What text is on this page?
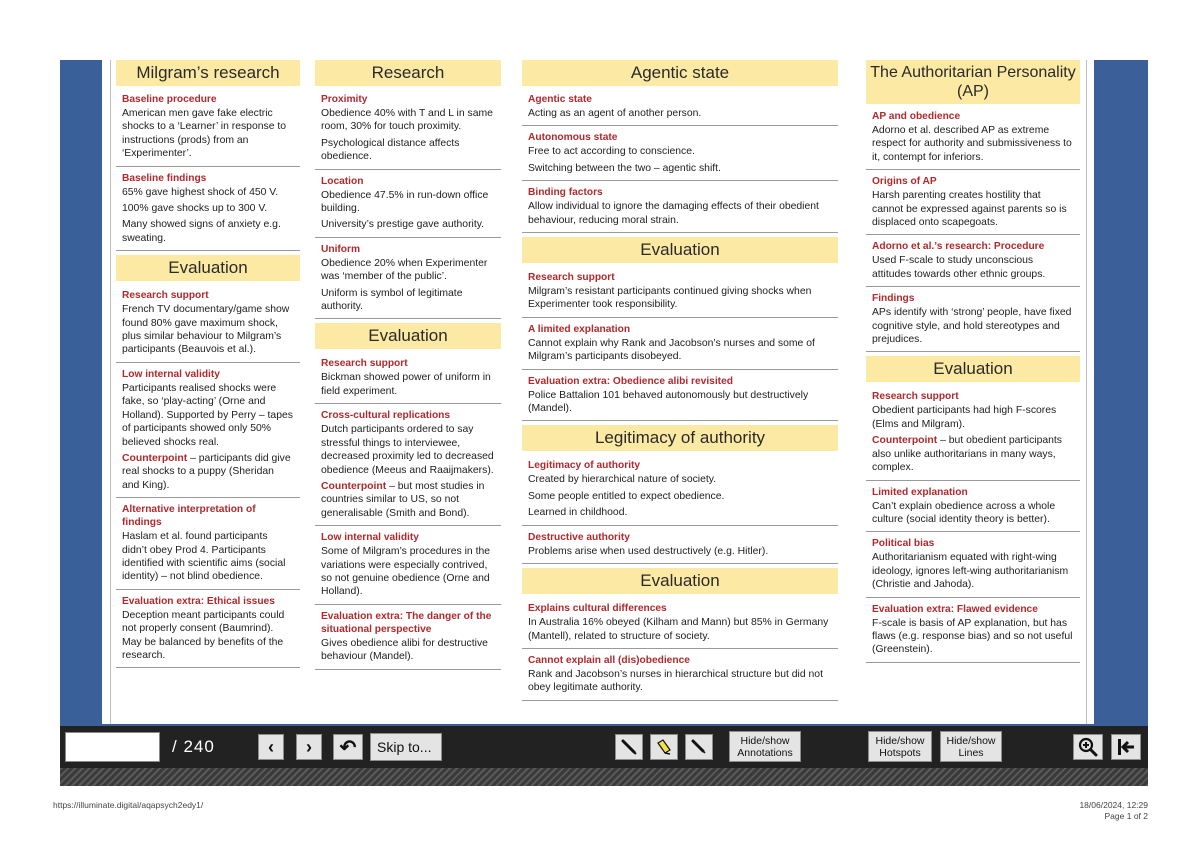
Milgram’s research
Baseline procedure
American men gave fake electric shocks to a ‘Learner’ in response to instructions (prods) from an ‘Experimenter’.
Baseline findings
65% gave highest shock of 450 V.
100% gave shocks up to 300 V.
Many showed signs of anxiety e.g. sweating.
Evaluation
Research support
French TV documentary/game show found 80% gave maximum shock, plus similar behaviour to Milgram’s participants (Beauvois et al.).
Low internal validity
Participants realised shocks were fake, so ‘play-acting’ (Orne and Holland). Supported by Perry – tapes of participants showed only 50% believed shocks real.
Counterpoint – participants did give real shocks to a puppy (Sheridan and King).
Alternative interpretation of findings
Haslam et al. found participants didn’t obey Prod 4. Participants identified with scientific aims (social identity) – not blind obedience.
Evaluation extra: Ethical issues
Deception meant participants could not properly consent (Baumrind). May be balanced by benefits of the research.
Research
Proximity
Obedience 40% with T and L in same room, 30% for touch proximity.
Psychological distance affects obedience.
Location
Obedience 47.5% in run-down office building.
University’s prestige gave authority.
Uniform
Obedience 20% when Experimenter was ‘member of the public’.
Uniform is symbol of legitimate authority.
Evaluation
Research support
Bickman showed power of uniform in field experiment.
Cross-cultural replications
Dutch participants ordered to say stressful things to interviewee, decreased proximity led to decreased obedience (Meeus and Raaijmakers).
Counterpoint – but most studies in countries similar to US, so not generalisable (Smith and Bond).
Low internal validity
Some of Milgram’s procedures in the variations were especially contrived, so not genuine obedience (Orne and Holland).
Evaluation extra: The danger of the situational perspective
Gives obedience alibi for destructive behaviour (Mandel).
Agentic state
Agentic state
Acting as an agent of another person.
Autonomous state
Free to act according to conscience.
Switching between the two – agentic shift.
Binding factors
Allow individual to ignore the damaging effects of their obedient behaviour, reducing moral strain.
Evaluation
Research support
Milgram’s resistant participants continued giving shocks when Experimenter took responsibility.
A limited explanation
Cannot explain why Rank and Jacobson’s nurses and some of Milgram’s participants disobeyed.
Evaluation extra: Obedience alibi revisited
Police Battalion 101 behaved autonomously but destructively (Mandel).
Legitimacy of authority
Legitimacy of authority
Created by hierarchical nature of society.
Some people entitled to expect obedience.
Learned in childhood.
Destructive authority
Problems arise when used destructively (e.g. Hitler).
Evaluation
Explains cultural differences
In Australia 16% obeyed (Kilham and Mann) but 85% in Germany (Mantell), related to structure of society.
Cannot explain all (dis)obedience
Rank and Jacobson’s nurses in hierarchical structure but did not obey legitimate authority.
The Authoritarian Personality (AP)
AP and obedience
Adorno et al. described AP as extreme respect for authority and submissiveness to it, contempt for inferiors.
Origins of AP
Harsh parenting creates hostility that cannot be expressed against parents so is displaced onto scapegoats.
Adorno et al.’s research: Procedure
Used F-scale to study unconscious attitudes towards other ethnic groups.
Findings
APs identify with ‘strong’ people, have fixed cognitive style, and hold stereotypes and prejudices.
Evaluation
Research support
Obedient participants had high F-scores (Elms and Milgram).
Counterpoint – but obedient participants also unlike authoritarians in many ways, complex.
Limited explanation
Can’t explain obedience across a whole culture (social identity theory is better).
Political bias
Authoritarianism equated with right-wing ideology, ignores left-wing authoritarianism (Christie and Jahoda).
Evaluation extra: Flawed evidence
F-scale is basis of AP explanation, but has flaws (e.g. response bias) and so not useful (Greenstein).
/ 240	‹ › ↶ Skip to...	Hide/show
Annotations
Hide/show
Hotspots
Hide/show
Lines
https://illuminate.digital/aqapsych2edy1/	18/06/2024, 12:29
Page 1 of 2
